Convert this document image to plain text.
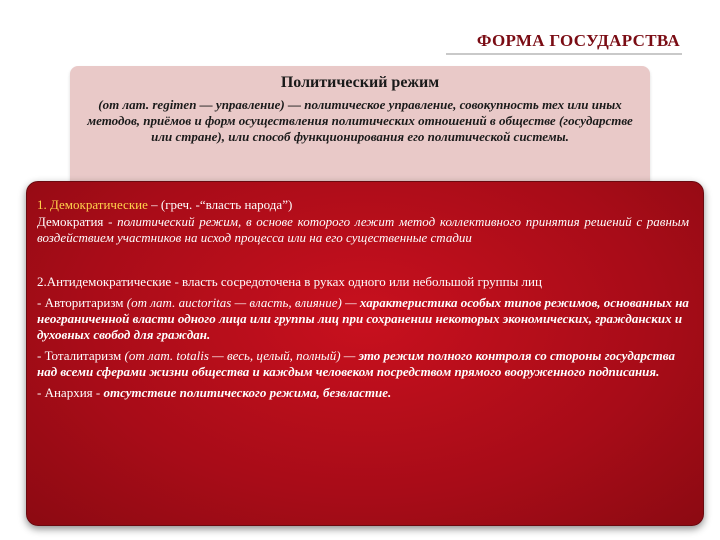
ФОРМА ГОСУДАРСТВА
Политический режим
(от лат. regimen — управление) — политическое управление, совокупность тех или иных методов, приёмов и форм осуществления политических отношений в обществе (государстве или стране), или способ функционирования его политической системы.
1. Демократические – (греч. -“власть народа”)
Демократия - политический режим, в основе которого лежит метод коллективного принятия решений с равным воздействием участников на исход процесса или на его существенные стадии
2.Антидемократические - власть сосредоточена в руках одного или небольшой группы лиц
- Авторитаризм (от лат. auctoritas — власть, влияние) — характеристика особых типов режимов, основанных на неограниченной власти одного лица или группы лиц при сохранении некоторых экономических, гражданских и духовных свобод для граждан.
- Тоталитаризм (от лат. totalis — весь, целый, полный) — это режим полного контроля со стороны государства над всеми сферами жизни общества и каждым человеком посредством прямого вооруженного подписания.
- Анархия - отсутствие политического режима, безвластие.
